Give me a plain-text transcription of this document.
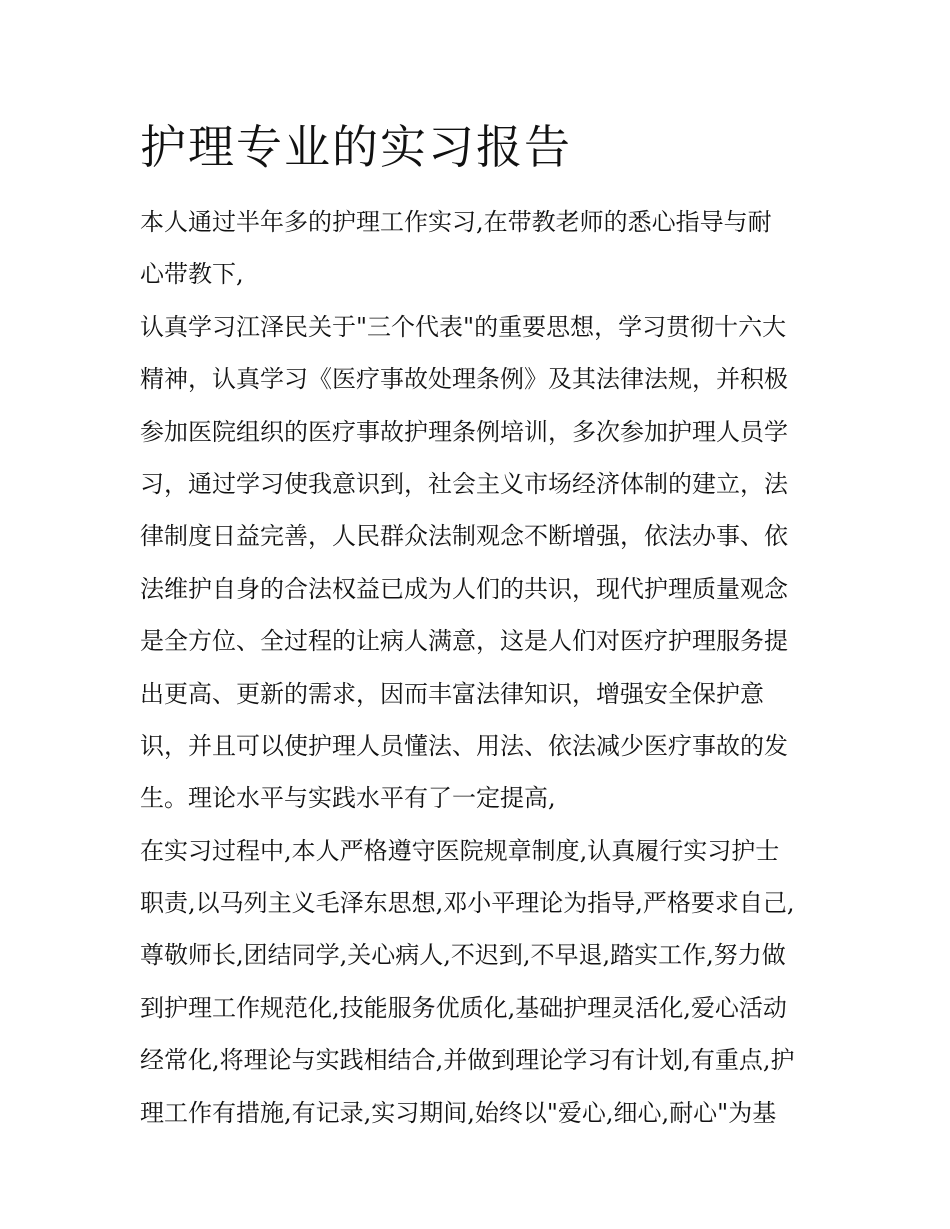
护理专业的实习报告
本人通过半年多的护理工作实习,在带教老师的悉心指导与耐
心带教下,
认真学习江泽民关于"三个代表"的重要思想，学习贯彻十六大
精神，认真学习《医疗事故处理条例》及其法律法规，并积极
参加医院组织的医疗事故护理条例培训，多次参加护理人员学
习，通过学习使我意识到，社会主义市场经济体制的建立，法
律制度日益完善，人民群众法制观念不断增强，依法办事、依
法维护自身的合法权益已成为人们的共识，现代护理质量观念
是全方位、全过程的让病人满意，这是人们对医疗护理服务提
出更高、更新的需求，因而丰富法律知识，增强安全保护意
识，并且可以使护理人员懂法、用法、依法减少医疗事故的发
生。理论水平与实践水平有了一定提高,
在实习过程中,本人严格遵守医院规章制度,认真履行实习护士
职责,以马列主义毛泽东思想,邓小平理论为指导,严格要求自己,
尊敬师长,团结同学,关心病人,不迟到,不早退,踏实工作,努力做
到护理工作规范化,技能服务优质化,基础护理灵活化,爱心活动
经常化,将理论与实践相结合,并做到理论学习有计划,有重点,护
理工作有措施,有记录,实习期间,始终以"爱心,细心,耐心"为基
